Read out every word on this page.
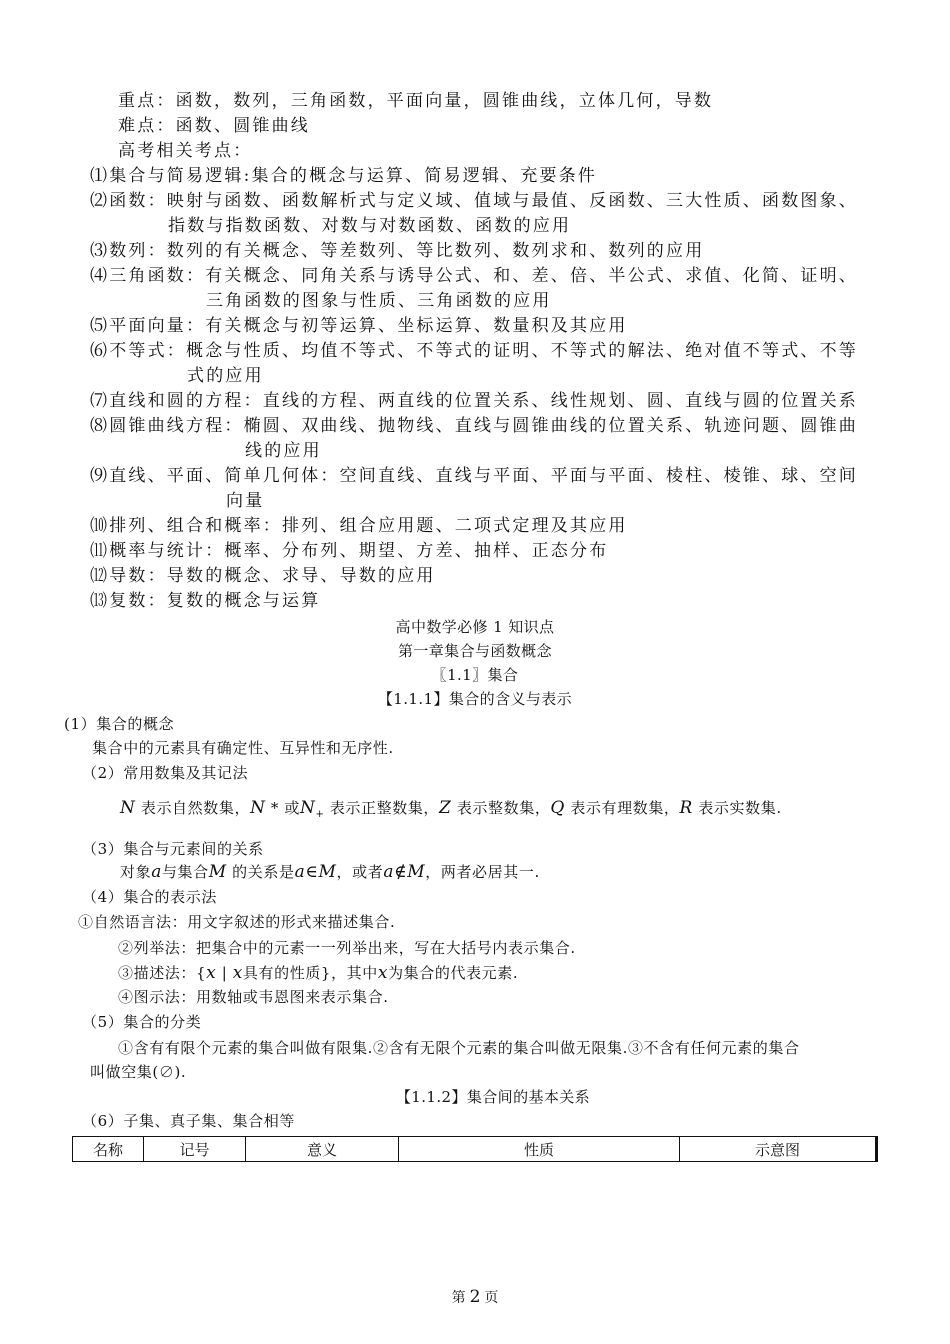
重点：函数，数列，三角函数，平面向量，圆锥曲线，立体几何，导数
难点：函数、圆锥曲线
高考相关考点：
⑴集合与简易逻辑:集合的概念与运算、简易逻辑、充要条件
⑵函数：映射与函数、函数解析式与定义域、值域与最值、反函数、三大性质、函数图象、
指数与指数函数、对数与对数函数、函数的应用
⑶数列：数列的有关概念、等差数列、等比数列、数列求和、数列的应用
⑷三角函数：有关概念、同角关系与诱导公式、和、差、倍、半公式、求值、化简、证明、
三角函数的图象与性质、三角函数的应用
⑸平面向量：有关概念与初等运算、坐标运算、数量积及其应用
⑹不等式：概念与性质、均值不等式、不等式的证明、不等式的解法、绝对值不等式、不等
式的应用
⑺直线和圆的方程：直线的方程、两直线的位置关系、线性规划、圆、直线与圆的位置关系
⑻圆锥曲线方程：椭圆、双曲线、抛物线、直线与圆锥曲线的位置关系、轨迹问题、圆锥曲
线的应用
⑼直线、平面、简单几何体：空间直线、直线与平面、平面与平面、棱柱、棱锥、球、空间
向量
⑽排列、组合和概率：排列、组合应用题、二项式定理及其应用
⑾概率与统计：概率、分布列、期望、方差、抽样、正态分布
⑿导数：导数的概念、求导、导数的应用
⒀复数：复数的概念与运算
高中数学必修 1 知识点
第一章集合与函数概念
〖1.1〗集合
【1.1.1】集合的含义与表示
(1）集合的概念
集合中的元素具有确定性、互异性和无序性.
（2）常用数集及其记法
N 表示自然数集，N * 或$N_+$ 表示正整数集，Z 表示整数集，Q 表示有理数集，R 表示实数集.
（3）集合与元素间的关系
对象a与集合M 的关系是a∈M，或者a∉M，两者必居其一.
（4）集合的表示法
①自然语言法：用文字叙述的形式来描述集合.
②列举法：把集合中的元素一一列举出来，写在大括号内表示集合.
③描述法：{x | x具有的性质}，其中x为集合的代表元素.
④图示法：用数轴或韦恩图来表示集合.
（5）集合的分类
①含有有限个元素的集合叫做有限集.②含有无限个元素的集合叫做无限集.③不含有任何元素的集合
叫做空集(∅).
【1.1.2】集合间的基本关系
（6）子集、真子集、集合相等
名称	记号	意义	性质	示意图
第 2 页
